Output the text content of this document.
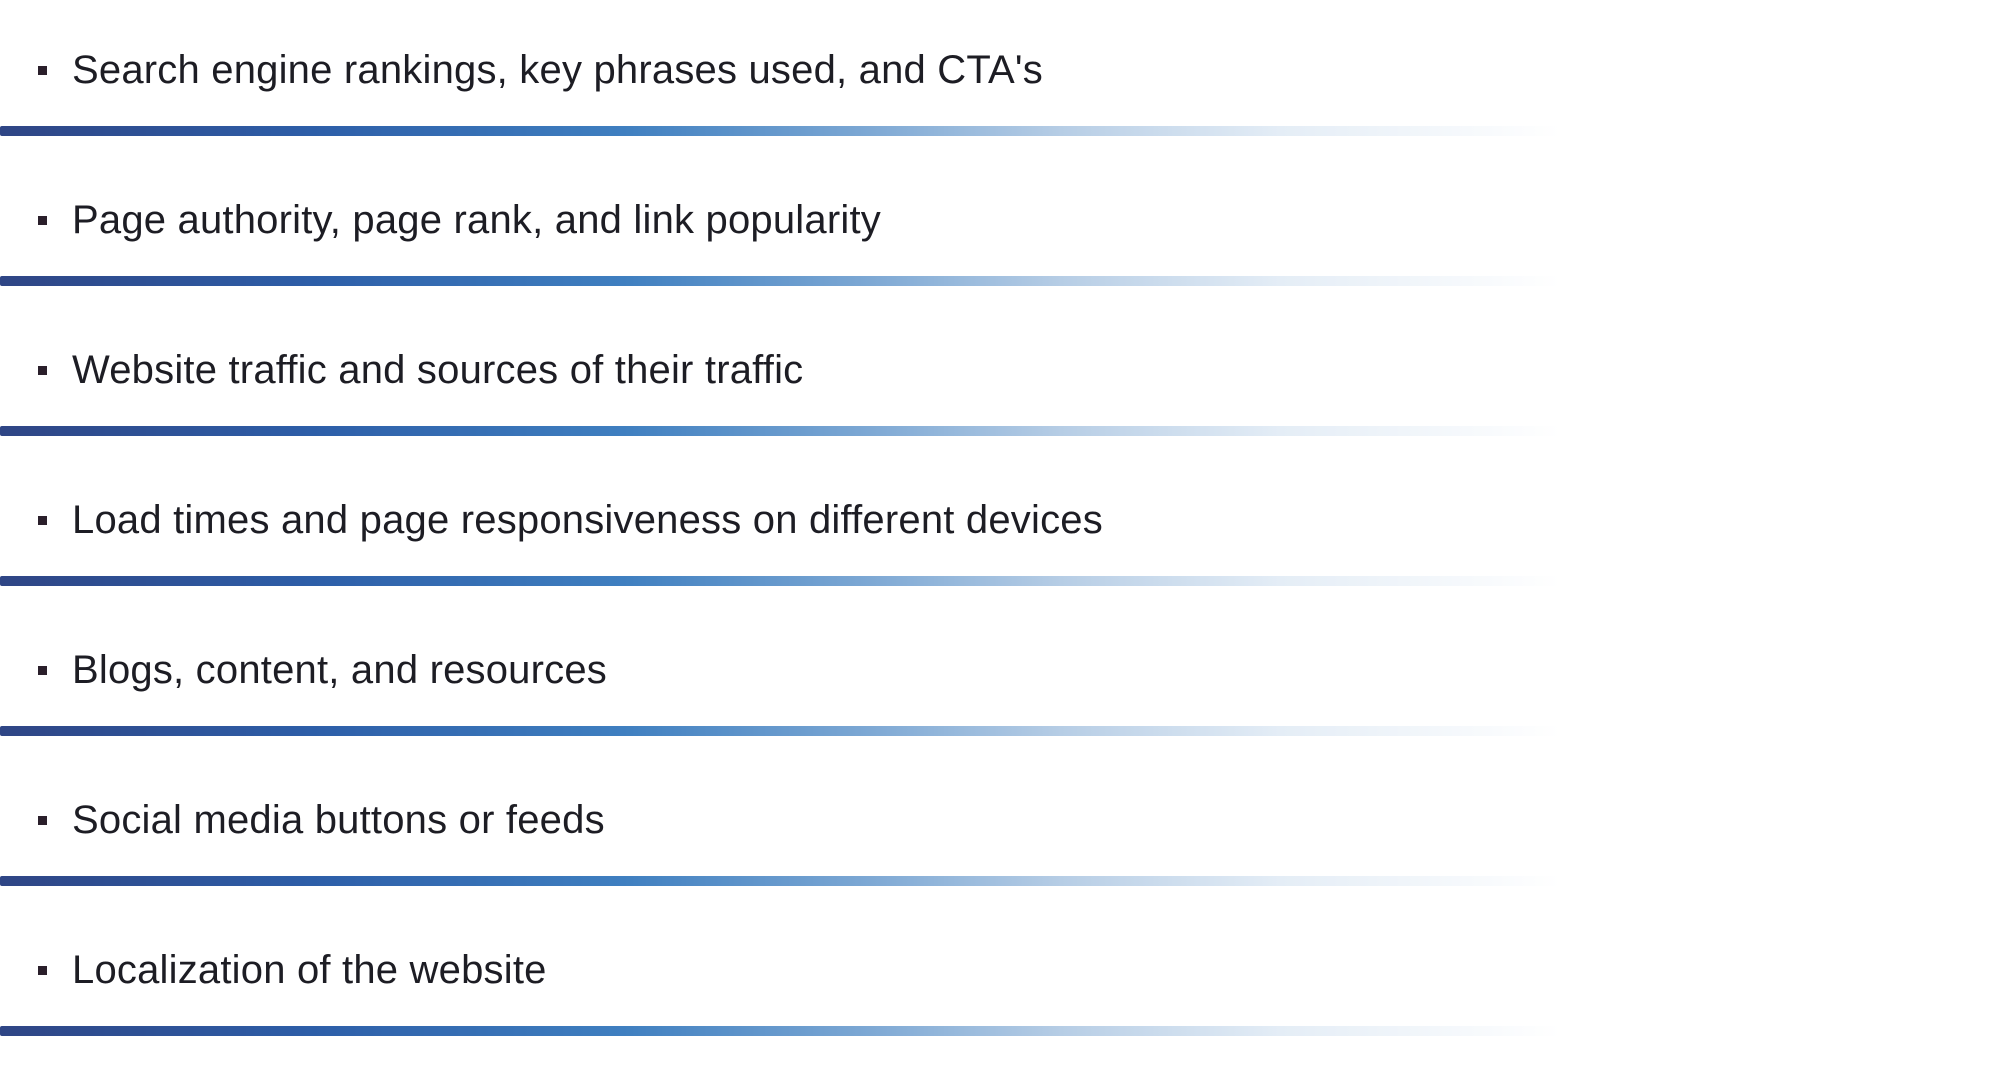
Search engine rankings, key phrases used, and CTA's
Page authority, page rank, and link popularity
Website traffic and sources of their traffic
Load times and page responsiveness on different devices
Blogs, content, and resources
Social media buttons or feeds
Localization of the website
